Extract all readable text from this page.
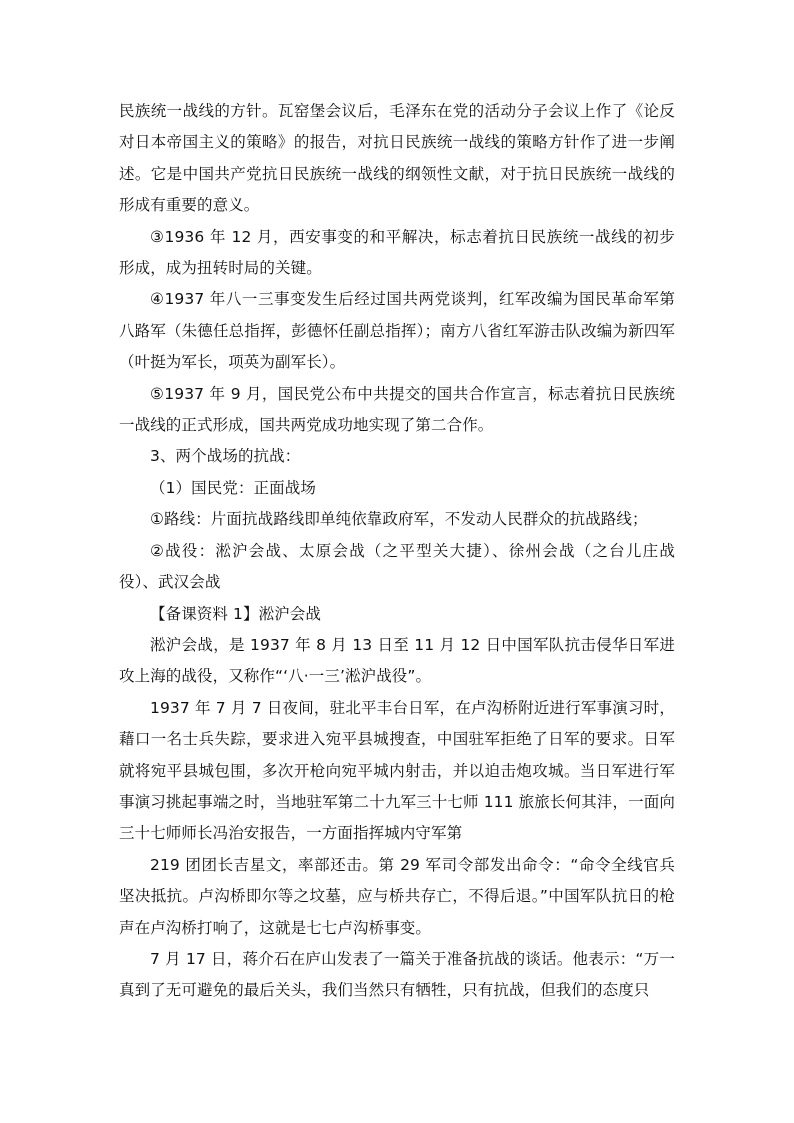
民族统一战线的方针。瓦窑堡会议后，毛泽东在党的活动分子会议上作了《论反对日本帝国主义的策略》的报告，对抗日民族统一战线的策略方针作了进一步阐述。它是中国共产党抗日民族统一战线的纲领性文献，对于抗日民族统一战线的形成有重要的意义。

③1936 年 12 月，西安事变的和平解决，标志着抗日民族统一战线的初步形成，成为扭转时局的关键。

④1937 年八一三事变发生后经过国共两党谈判，红军改编为国民革命军第八路军（朱德任总指挥，彭德怀任副总指挥）；南方八省红军游击队改编为新四军（叶挺为军长，项英为副军长）。

⑤1937 年 9 月，国民党公布中共提交的国共合作宣言，标志着抗日民族统一战线的正式形成，国共两党成功地实现了第二合作。

3、两个战场的抗战：

（1）国民党：正面战场

①路线：片面抗战路线即单纯依靠政府军，不发动人民群众的抗战路线；

②战役：淞沪会战、太原会战（之平型关大捷）、徐州会战（之台儿庄战役）、武汉会战

【备课资料 1】淞沪会战

淞沪会战，是 1937 年 8 月 13 日至 11 月 12 日中国军队抗击侵华日军进攻上海的战役，又称作“‘八·一三’淞沪战役”。

1937 年 7 月 7 日夜间，驻北平丰台日军，在卢沟桥附近进行军事演习时，藉口一名士兵失踪，要求进入宛平县城搜查，中国驻军拒绝了日军的要求。日军就将宛平县城包围，多次开枪向宛平城内射击，并以迫击炮攻城。当日军进行军事演习挑起事端之时，当地驻军第二十九军三十七师 111 旅旅长何其沣，一面向三十七师师长冯治安报告，一方面指挥城内守军第

219 团团长吉星文，率部还击。第 29 军司令部发出命令：“命令全线官兵坚决抵抗。卢沟桥即尔等之坟墓，应与桥共存亡，不得后退。”中国军队抗日的枪声在卢沟桥打响了，这就是七七卢沟桥事变。

7 月 17 日，蒋介石在庐山发表了一篇关于准备抗战的谈话。他表示：“万一真到了无可避免的最后关头，我们当然只有牺牲，只有抗战，但我们的态度只
